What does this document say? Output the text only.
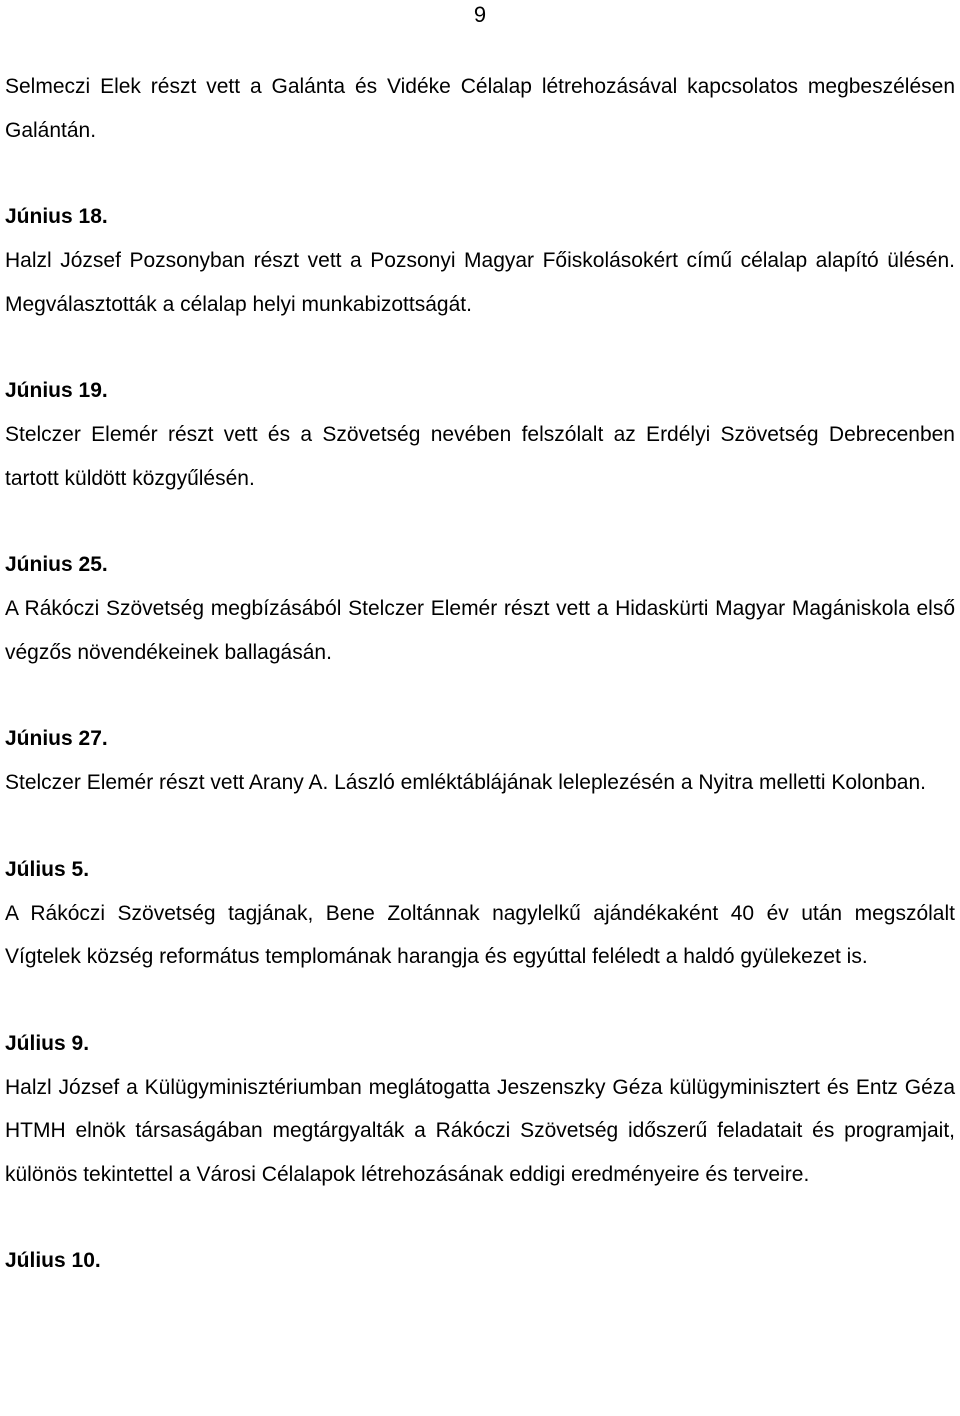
9

Selmeczi Elek részt vett a Galánta és Vidéke Célalap létrehozásával kapcsolatos megbeszélésen Galántán.

Június 18.

Halzl József Pozsonyban részt vett a Pozsonyi Magyar Főiskolásokért című célalap alapító ülésén. Megválasztották a célalap helyi munkabizottságát.

Június 19.

Stelczer Elemér részt vett és a Szövetség nevében felszólalt az Erdélyi Szövetség Debrecenben tartott küldött közgyűlésén.

Június 25.

A Rákóczi Szövetség megbízásából Stelczer Elemér részt vett a Hidaskürti Magyar Magániskola első végzős növendékeinek ballagásán.

Június 27.

Stelczer Elemér részt vett Arany A. László emléktáblájának leleplezésén a Nyitra melletti Kolonban.

Július 5.

A Rákóczi Szövetség tagjának, Bene Zoltánnak nagylelkű ajándékaként 40 év után megszólalt Vígtelek község református templomának harangja és egyúttal feléledt a haldó gyülekezet is.

Július 9.

Halzl József a Külügyminisztériumban meglátogatta Jeszenszky Géza külügyminisztert és Entz Géza HTMH elnök társaságában megtárgyalták a Rákóczi Szövetség időszerű feladatait és programjait, különös tekintettel a Városi Célalapok létrehozásának eddigi eredményeire és terveire.

Július 10.
